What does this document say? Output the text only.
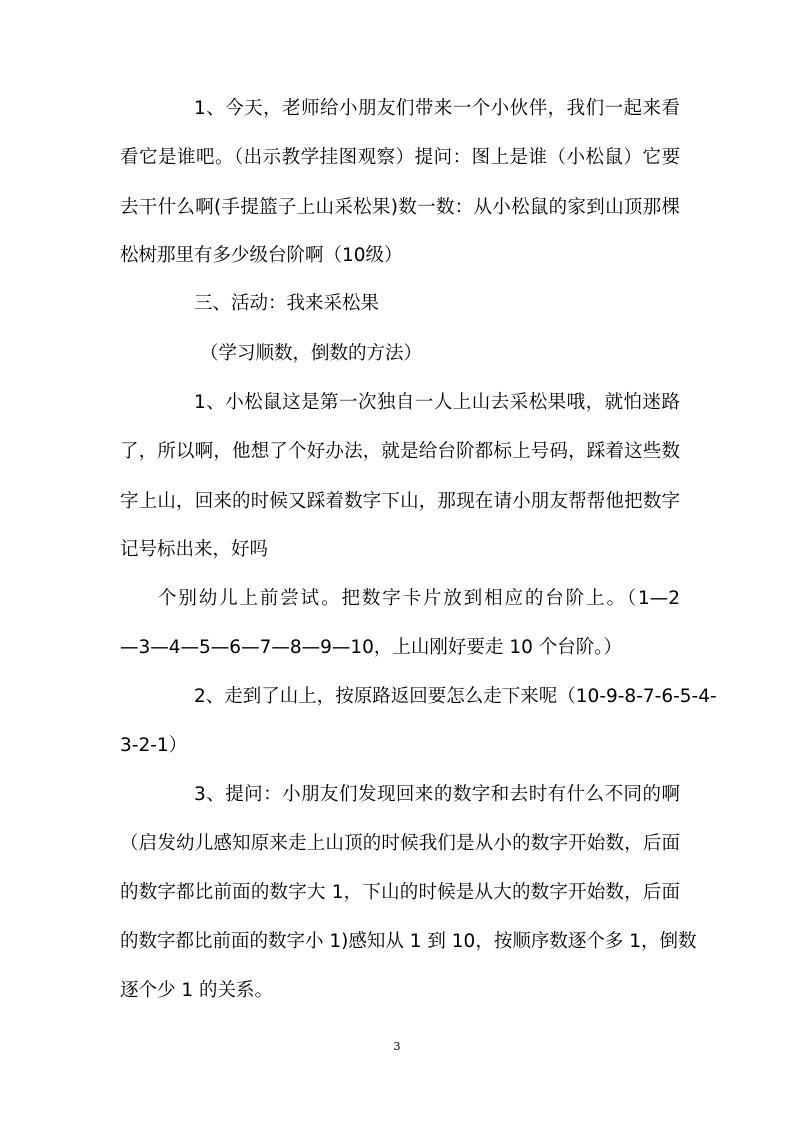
1、今天，老师给小朋友们带来一个小伙伴，我们一起来看
看它是谁吧。（出示教学挂图观察）提问：图上是谁（小松鼠）它要
去干什么啊(手提篮子上山采松果)数一数：从小松鼠的家到山顶那棵
松树那里有多少级台阶啊（10级）
三、活动：我来采松果
（学习顺数，倒数的方法）
1、小松鼠这是第一次独自一人上山去采松果哦，就怕迷路
了，所以啊，他想了个好办法，就是给台阶都标上号码，踩着这些数
字上山，回来的时候又踩着数字下山，那现在请小朋友帮帮他把数字
记号标出来，好吗
个别幼儿上前尝试。把数字卡片放到相应的台阶上。（1—2
—3—4—5—6—7—8—9—10，上山刚好要走 10 个台阶。）
2、走到了山上，按原路返回要怎么走下来呢（10-9-8-7-6-5-4-
3-2-1）
3、提问：小朋友们发现回来的数字和去时有什么不同的啊
（启发幼儿感知原来走上山顶的时候我们是从小的数字开始数，后面
的数字都比前面的数字大 1，下山的时候是从大的数字开始数，后面
的数字都比前面的数字小 1)感知从 1 到 10，按顺序数逐个多 1，倒数
逐个少 1 的关系。
3
